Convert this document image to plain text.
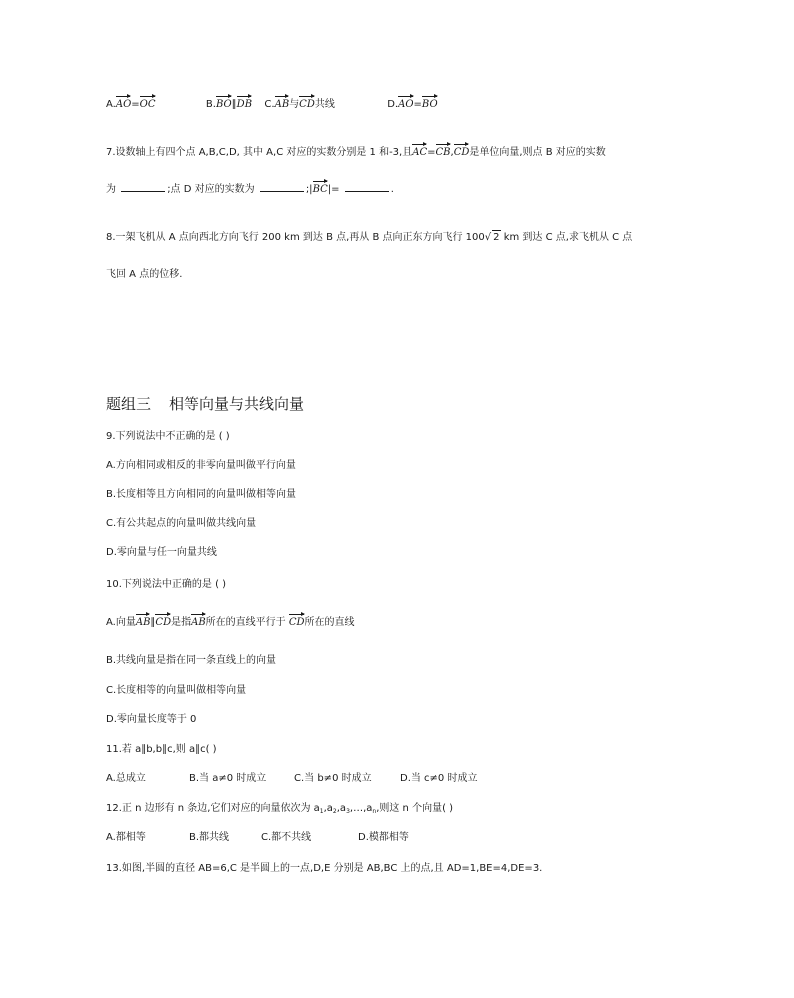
A.AO=OC	B.BO∥DB C.AB与CD共线	D.AO=BO
7.设数轴上有四个点 A,B,C,D, 其中 A,C 对应的实数分别是 1 和-3,且AC=CB,CD是单位向量,则点 B 对应的实数
为	;点 D 对应的实数为	;|BC|=	.
8.一架飞机从 A 点向西北方向飞行 200 km 到达 B 点,再从 B 点向正东方向飞行 100√ 2 km 到达 C 点,求飞机从 C 点
飞回 A 点的位移.
题组三 相等向量与共线向量
9.下列说法中不正确的是 ( )
A.方向相同或相反的非零向量叫做平行向量
B.长度相等且方向相同的向量叫做相等向量
C.有公共起点的向量叫做共线向量
D.零向量与任一向量共线
10.下列说法中正确的是 ( )
A.向量AB∥CD是指AB所在的直线平行于 CD所在的直线
B.共线向量是指在同一条直线上的向量
C.长度相等的向量叫做相等向量
D.零向量长度等于 0
11.若 a∥b,b∥c,则 a∥c( )
A.总成立	B.当 a≠0 时成立	C.当 b≠0 时成立	D.当 c≠0 时成立
12.正 n 边形有 n 条边,它们对应的向量依次为 $a_1,a_2,a_3,\dots,a_n$,则这 n 个向量( )
A.都相等	B.都共线	C.都不共线	D.模都相等
13.如图,半圆的直径 AB=6,C 是半圆上的一点,D,E 分别是 AB,BC 上的点,且 AD=1,BE=4,DE=3.
